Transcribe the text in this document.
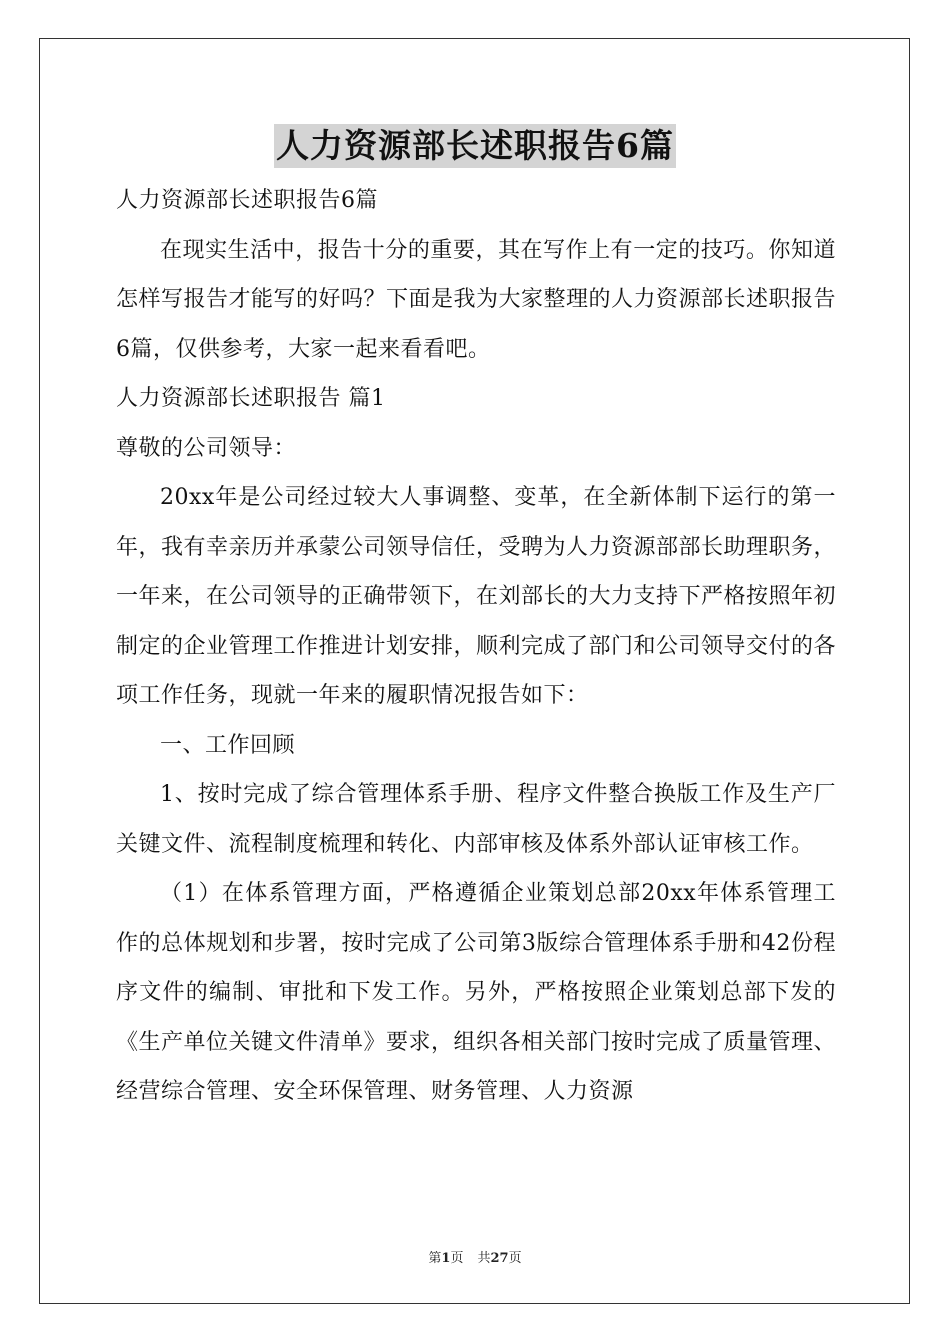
人力资源部长述职报告6篇

人力资源部长述职报告6篇

在现实生活中，报告十分的重要，其在写作上有一定的技巧。你知道怎样写报告才能写的好吗？下面是我为大家整理的人力资源部长述职报告6篇，仅供参考，大家一起来看看吧。

人力资源部长述职报告 篇1

尊敬的公司领导：

20xx年是公司经过较大人事调整、变革，在全新体制下运行的第一年，我有幸亲历并承蒙公司领导信任，受聘为人力资源部部长助理职务，一年来，在公司领导的正确带领下，在刘部长的大力支持下严格按照年初制定的企业管理工作推进计划安排，顺利完成了部门和公司领导交付的各项工作任务，现就一年来的履职情况报告如下：

一、工作回顾

1、按时完成了综合管理体系手册、程序文件整合换版工作及生产厂关键文件、流程制度梳理和转化、内部审核及体系外部认证审核工作。

（1）在体系管理方面，严格遵循企业策划总部20xx年体系管理工作的总体规划和步署，按时完成了公司第3版综合管理体系手册和42份程序文件的编制、审批和下发工作。另外，严格按照企业策划总部下发的《生产单位关键文件清单》要求，组织各相关部门按时完成了质量管理、经营综合管理、安全环保管理、财务管理、人力资源

第1页 共27页
